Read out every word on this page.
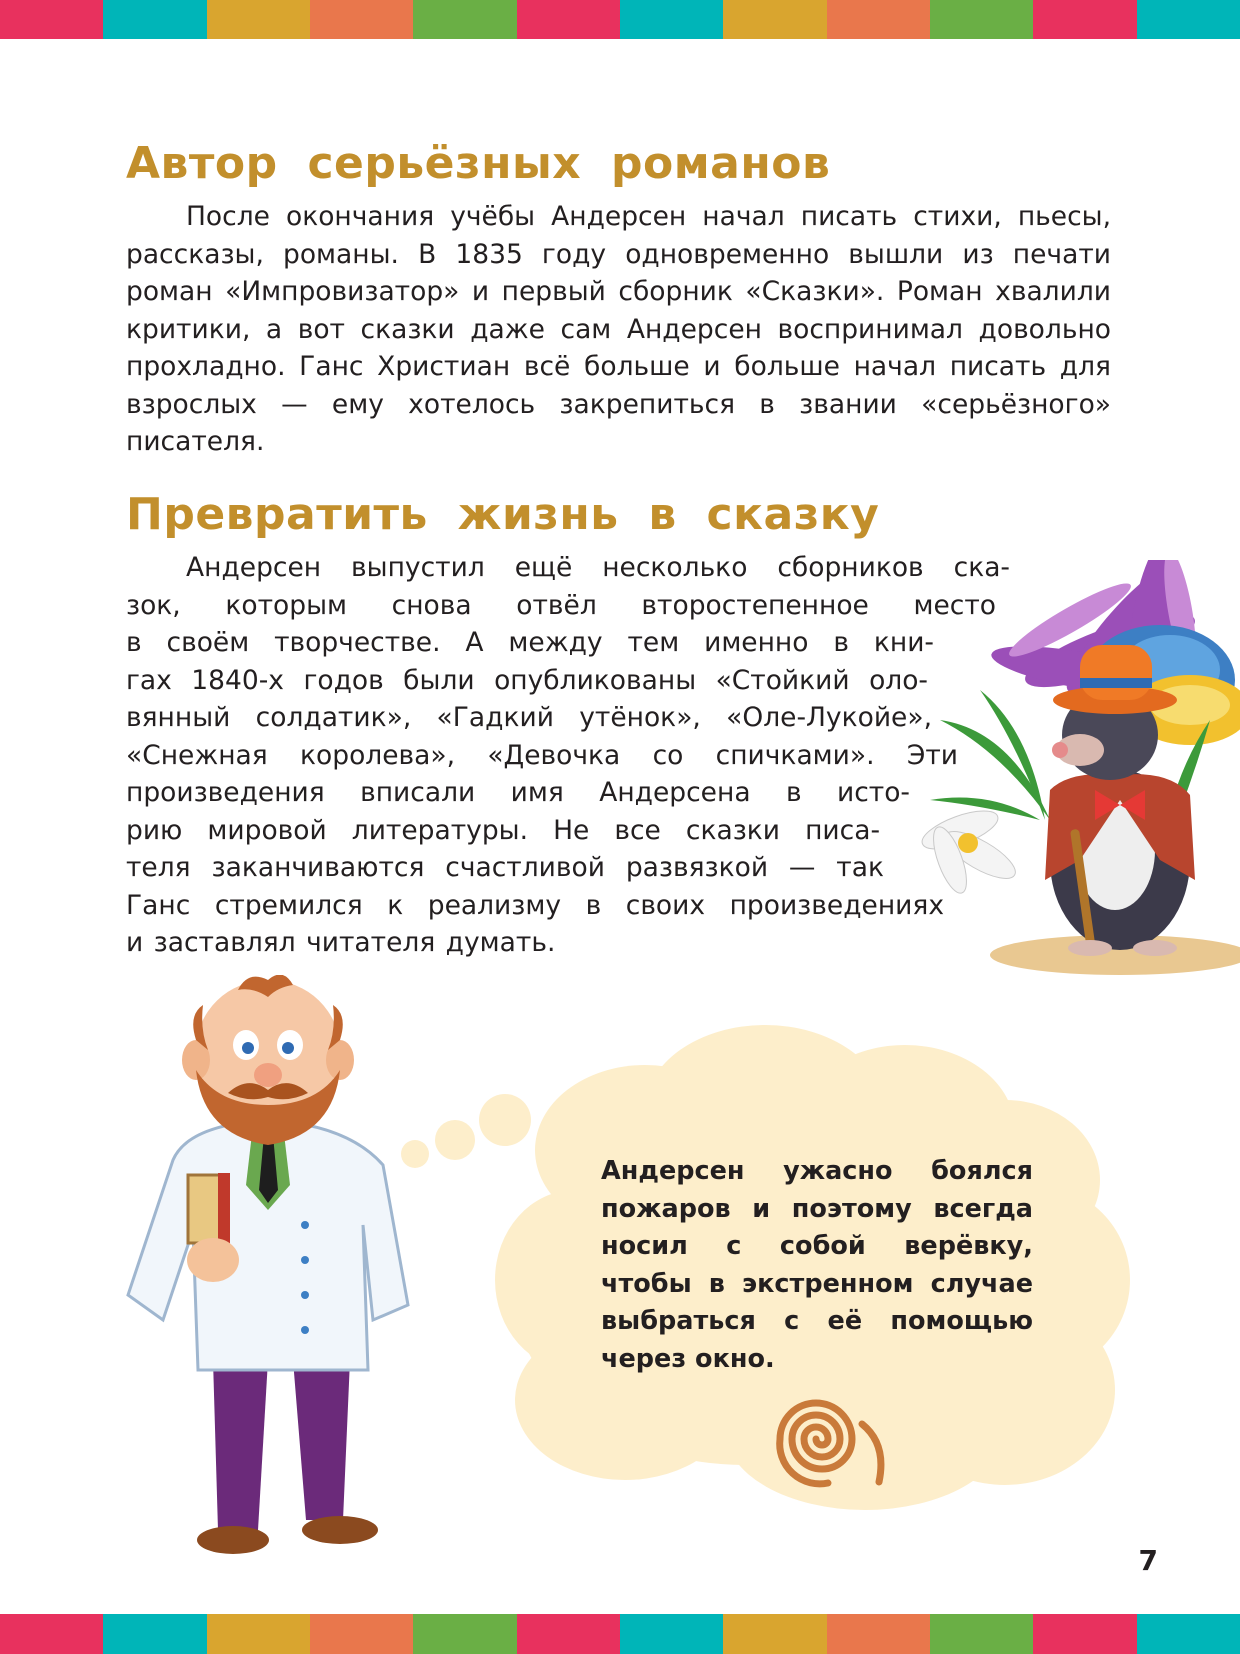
Автор серьёзных романов

После окончания учёбы Андерсен начал писать стихи, пьесы, рассказы, романы. В 1835 году одновременно вышли из печати роман «Импровизатор» и первый сборник «Сказки». Роман хвалили критики, а вот сказки даже сам Андерсен воспринимал довольно прохладно. Ганс Христиан всё больше и больше начал писать для взрослых — ему хотелось закрепиться в звании «серьёзного» писателя.

Превратить жизнь в сказку
Андерсен выпустил ещё несколько сборников ска-
зок, которым снова отвёл второстепенное место
в своём творчестве. А между тем именно в кни-
гах 1840-х годов были опубликованы «Стойкий оло-
вянный солдатик», «Гадкий утёнок», «Оле-Лукойе»,
«Снежная королева», «Девочка со спичками». Эти
произведения вписали имя Андерсена в исто-
рию мировой литературы. Не все сказки писа-
теля заканчиваются счастливой развязкой — так
Ганс стремился к реализму в своих произведениях
и заставлял читателя думать.

Андерсен ужасно боялся пожаров и поэтому всегда носил с собой верёвку, чтобы в экстренном случае выбраться с её помощью через окно.

7
